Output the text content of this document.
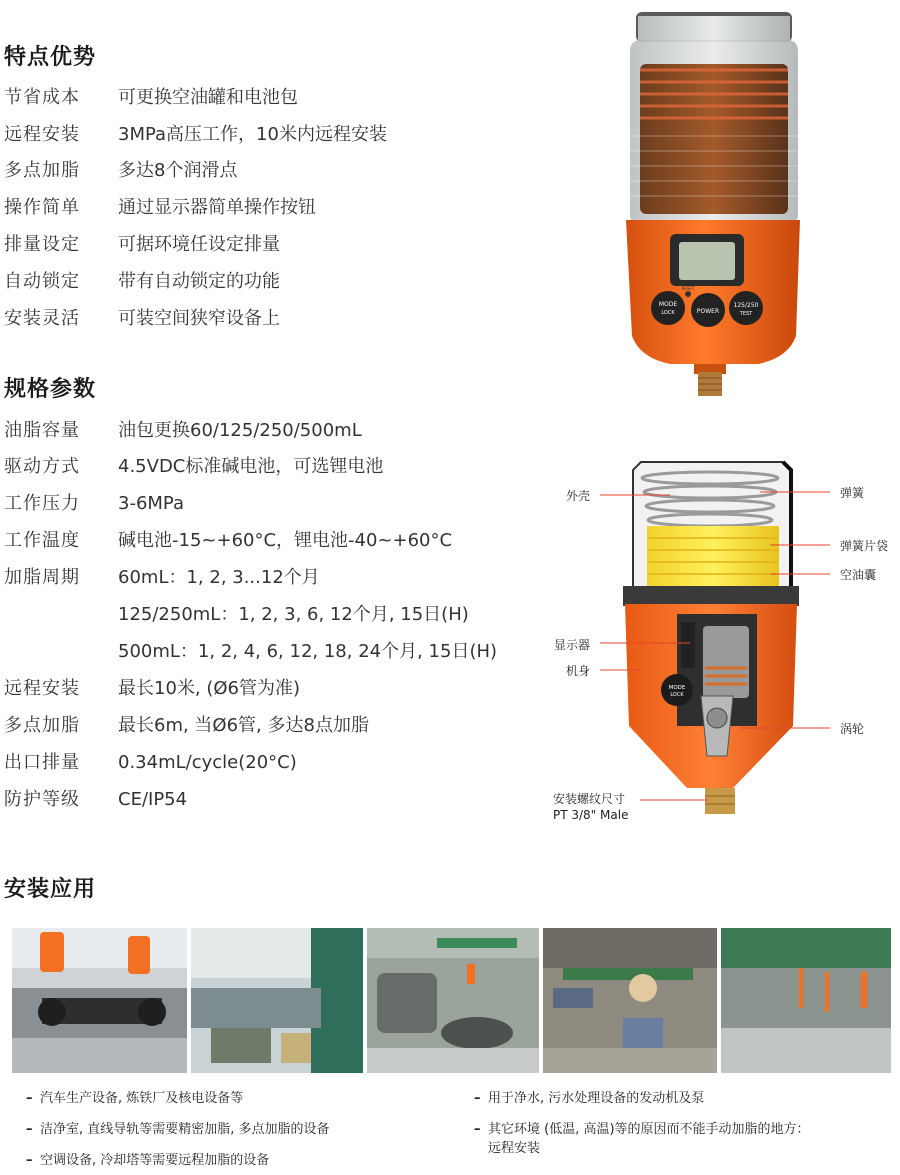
特点优势
节省成本	可更换空油罐和电池包
远程安装	3MPa高压工作，10米内远程安装
多点加脂	多达8个润滑点
操作简单	通过显示器简单操作按钮
排量设定	可据环境任设定排量
自动锁定	带有自动锁定的功能
安装灵活	可装空间狭窄设备上
规格参数
油脂容量	油包更换60/125/250/500mL
驱动方式	4.5VDC标准碱电池，可选锂电池
工作压力	3-6MPa
工作温度	碱电池-15~+60°C，锂电池-40~+60°C
加脂周期	60mL：1, 2, 3...12个月
125/250mL：1, 2, 3, 6, 12个月, 15日(H)
500mL：1, 2, 4, 6, 12, 18, 24个月, 15日(H)
远程安装	最长10米, (Ø6管为准)
多点加脂	最长6m, 当Ø6管, 多达8点加脂
出口排量	0.34mL/cycle(20°C)
防护等级	CE/IP54
MODE
LOCK	POWER
125/250
TEST
RESET
MODE
LOCK
外壳
显示器
机身
弹簧
弹簧片袋
空油囊
涡轮
安装螺纹尺寸
PT 3/8" Male
安装应用
– 汽车生产设备, 炼铁厂及核电设备等
– 洁净室, 直线导轨等需要精密加脂, 多点加脂的设备
– 空调设备, 冷却塔等需要远程加脂的设备
– 用于净水, 污水处理设备的发动机及泵
– 其它环境 (低温, 高温)等的原因而不能手动加脂的地方：
远程安装
